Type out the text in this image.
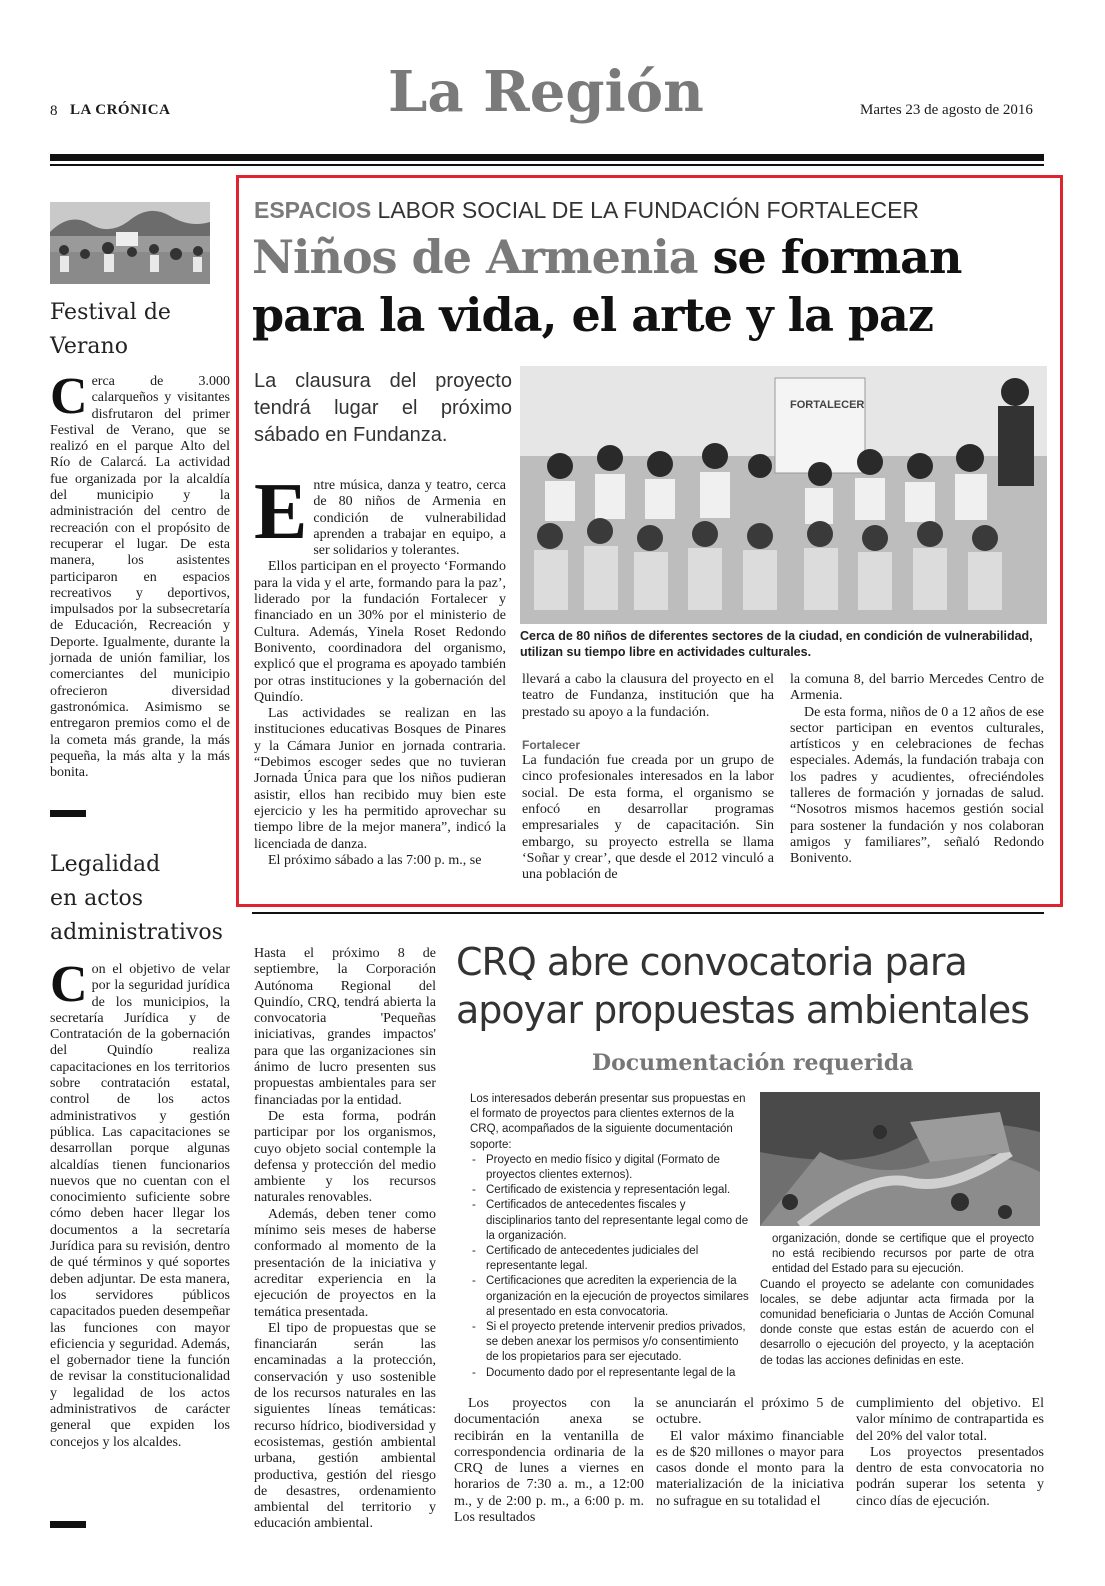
8 LA CRÓNICA	La Región	Martes 23 de agosto de 2016
Festival de
Verano
Cerca de 3.000 calarqueños y visitantes disfrutaron del primer Festival de Verano, que se realizó en el parque Alto del Río de Calarcá. La actividad fue organizada por la alcaldía del municipio y la administración del centro de recreación con el propósito de recuperar el lugar. De esta manera, los asistentes participaron en espacios recreativos y deportivos, impulsados por la subsecretaría de Educación, Recreación y Deporte. Igualmente, durante la jornada de unión familiar, los comerciantes del municipio ofrecieron diversidad gastronómica. Asimismo se entregaron premios como el de la cometa más grande, la más pequeña, la más alta y la más bonita.
Legalidad
en actos
administrativos
Con el objetivo de velar por la seguridad jurídica de los municipios, la secretaría Jurídica y de Contratación de la gobernación del Quindío realiza capacitaciones en los territorios sobre contratación estatal, control de los actos administrativos y gestión pública. Las capacitaciones se desarrollan porque algunas alcaldías tienen funcionarios nuevos que no cuentan con el conocimiento suficiente sobre cómo deben hacer llegar los documentos a la secretaría Jurídica para su revisión, dentro de qué términos y qué soportes deben adjuntar. De esta manera, los servidores públicos capacitados pueden desempeñar las funciones con mayor eficiencia y seguridad. Además, el gobernador tiene la función de revisar la constitucionalidad y legalidad de los actos administrativos de carácter general que expiden los concejos y los alcaldes.
ESPACIOS LABOR SOCIAL DE LA FUNDACIÓN FORTALECER
Niños de Armenia se forman
para la vida, el arte y la paz
La clausura del proyecto tendrá lugar el próximo sábado en Fundanza.
FORTALECER
Cerca de 80 niños de diferentes sectores de la ciudad, en condición de vulnerabilidad, utilizan su tiempo libre en actividades culturales.

Entre música, danza y teatro, cerca de 80 niños de Armenia en condición de vulnerabilidad aprenden a trabajar en equipo, a ser solidarios y tolerantes.

Ellos participan en el proyecto ‘Formando para la vida y el arte, formando para la paz’, liderado por la fundación Fortalecer y financiado en un 30% por el ministerio de Cultura. Además, Yinela Roset Redondo Bonivento, coordinadora del organismo, explicó que el programa es apoyado también por otras instituciones y la gobernación del Quindío.

Las actividades se realizan en las instituciones educativas Bosques de Pinares y la Cámara Junior en jornada contraria. “Debimos escoger sedes que no tuvieran Jornada Única para que los niños pudieran asistir, ellos han recibido muy bien este ejercicio y les ha permitido aprovechar su tiempo libre de la mejor manera”, indicó la licenciada de danza.

El próximo sábado a las 7:00 p. m., se

llevará a cabo la clausura del proyecto en el teatro de Fundanza, institución que ha prestado su apoyo a la fundación.

Fortalecer

La fundación fue creada por un grupo de cinco profesionales interesados en la labor social. De esta forma, el organismo se enfocó en desarrollar programas empresariales y de capacitación. Sin embargo, su proyecto estrella se llama ‘Soñar y crear’, que desde el 2012 vinculó a una población de

la comuna 8, del barrio Mercedes Centro de Armenia.

De esta forma, niños de 0 a 12 años de ese sector participan en eventos culturales, artísticos y en celebraciones de fechas especiales. Además, la fundación trabaja con los padres y acudientes, ofreciéndoles talleres de formación y jornadas de salud. “Nosotros mismos hacemos gestión social para sostener la fundación y nos colaboran amigos y familiares”, señaló Redondo Bonivento.

Hasta el próximo 8 de septiembre, la Corporación Autónoma Regional del Quindío, CRQ, tendrá abierta la convocatoria 'Pequeñas iniciativas, grandes impactos' para que las organizaciones sin ánimo de lucro presenten sus propuestas ambientales para ser financiadas por la entidad.

De esta forma, podrán participar por los organismos, cuyo objeto social contemple la defensa y protección del medio ambiente y los recursos naturales renovables.

Además, deben tener como mínimo seis meses de haberse conformado al momento de la presentación de la iniciativa y acreditar experiencia en la ejecución de proyectos en la temática presentada.

El tipo de propuestas que se financiarán serán las encaminadas a la protección, conservación y uso sostenible de los recursos naturales en las siguientes líneas temáticas: recurso hídrico, biodiversidad y ecosistemas, gestión ambiental urbana, gestión ambiental productiva, gestión del riesgo de desastres, ordenamiento ambiental del territorio y educación ambiental.

CRQ abre convocatoria para
apoyar propuestas ambientales
Documentación requerida
Los interesados deberán presentar sus propuestas en el formato de proyectos para clientes externos de la CRQ, acompañados de la siguiente documentación soporte:
- Proyecto en medio físico y digital (Formato de proyectos clientes externos).
- Certificado de existencia y representación legal.
- Certificados de antecedentes fiscales y disciplinarios tanto del representante legal como de la organización.
- Certificado de antecedentes judiciales del representante legal.
- Certificaciones que acrediten la experiencia de la organización en la ejecución de proyectos similares al presentado en esta convocatoria.
- Si el proyecto pretende intervenir predios privados, se deben anexar los permisos y/o consentimiento de los propietarios para ser ejecutado.
- Documento dado por el representante legal de la
organización, donde se certifique que el proyecto no está recibiendo recursos por parte de otra entidad del Estado para su ejecución.
Cuando el proyecto se adelante con comunidades locales, se debe adjuntar acta firmada por la comunidad beneficiaria o Juntas de Acción Comunal donde conste que estas están de acuerdo con el desarrollo o ejecución del proyecto, y la aceptación de todas las acciones definidas en este.

Los proyectos con la documentación anexa se recibirán en la ventanilla de correspondencia ordinaria de la CRQ de lunes a viernes en horarios de 7:30 a. m., a 12:00 m., y de 2:00 p. m., a 6:00 p. m. Los resultados

se anunciarán el próximo 5 de octubre.

El valor máximo financiable es de $20 millones o mayor para casos donde el monto para la materialización de la iniciativa no sufrague en su totalidad el

cumplimiento del objetivo. El valor mínimo de contrapartida es del 20% del valor total.

Los proyectos presentados dentro de esta convocatoria no podrán superar los setenta y cinco días de ejecución.
